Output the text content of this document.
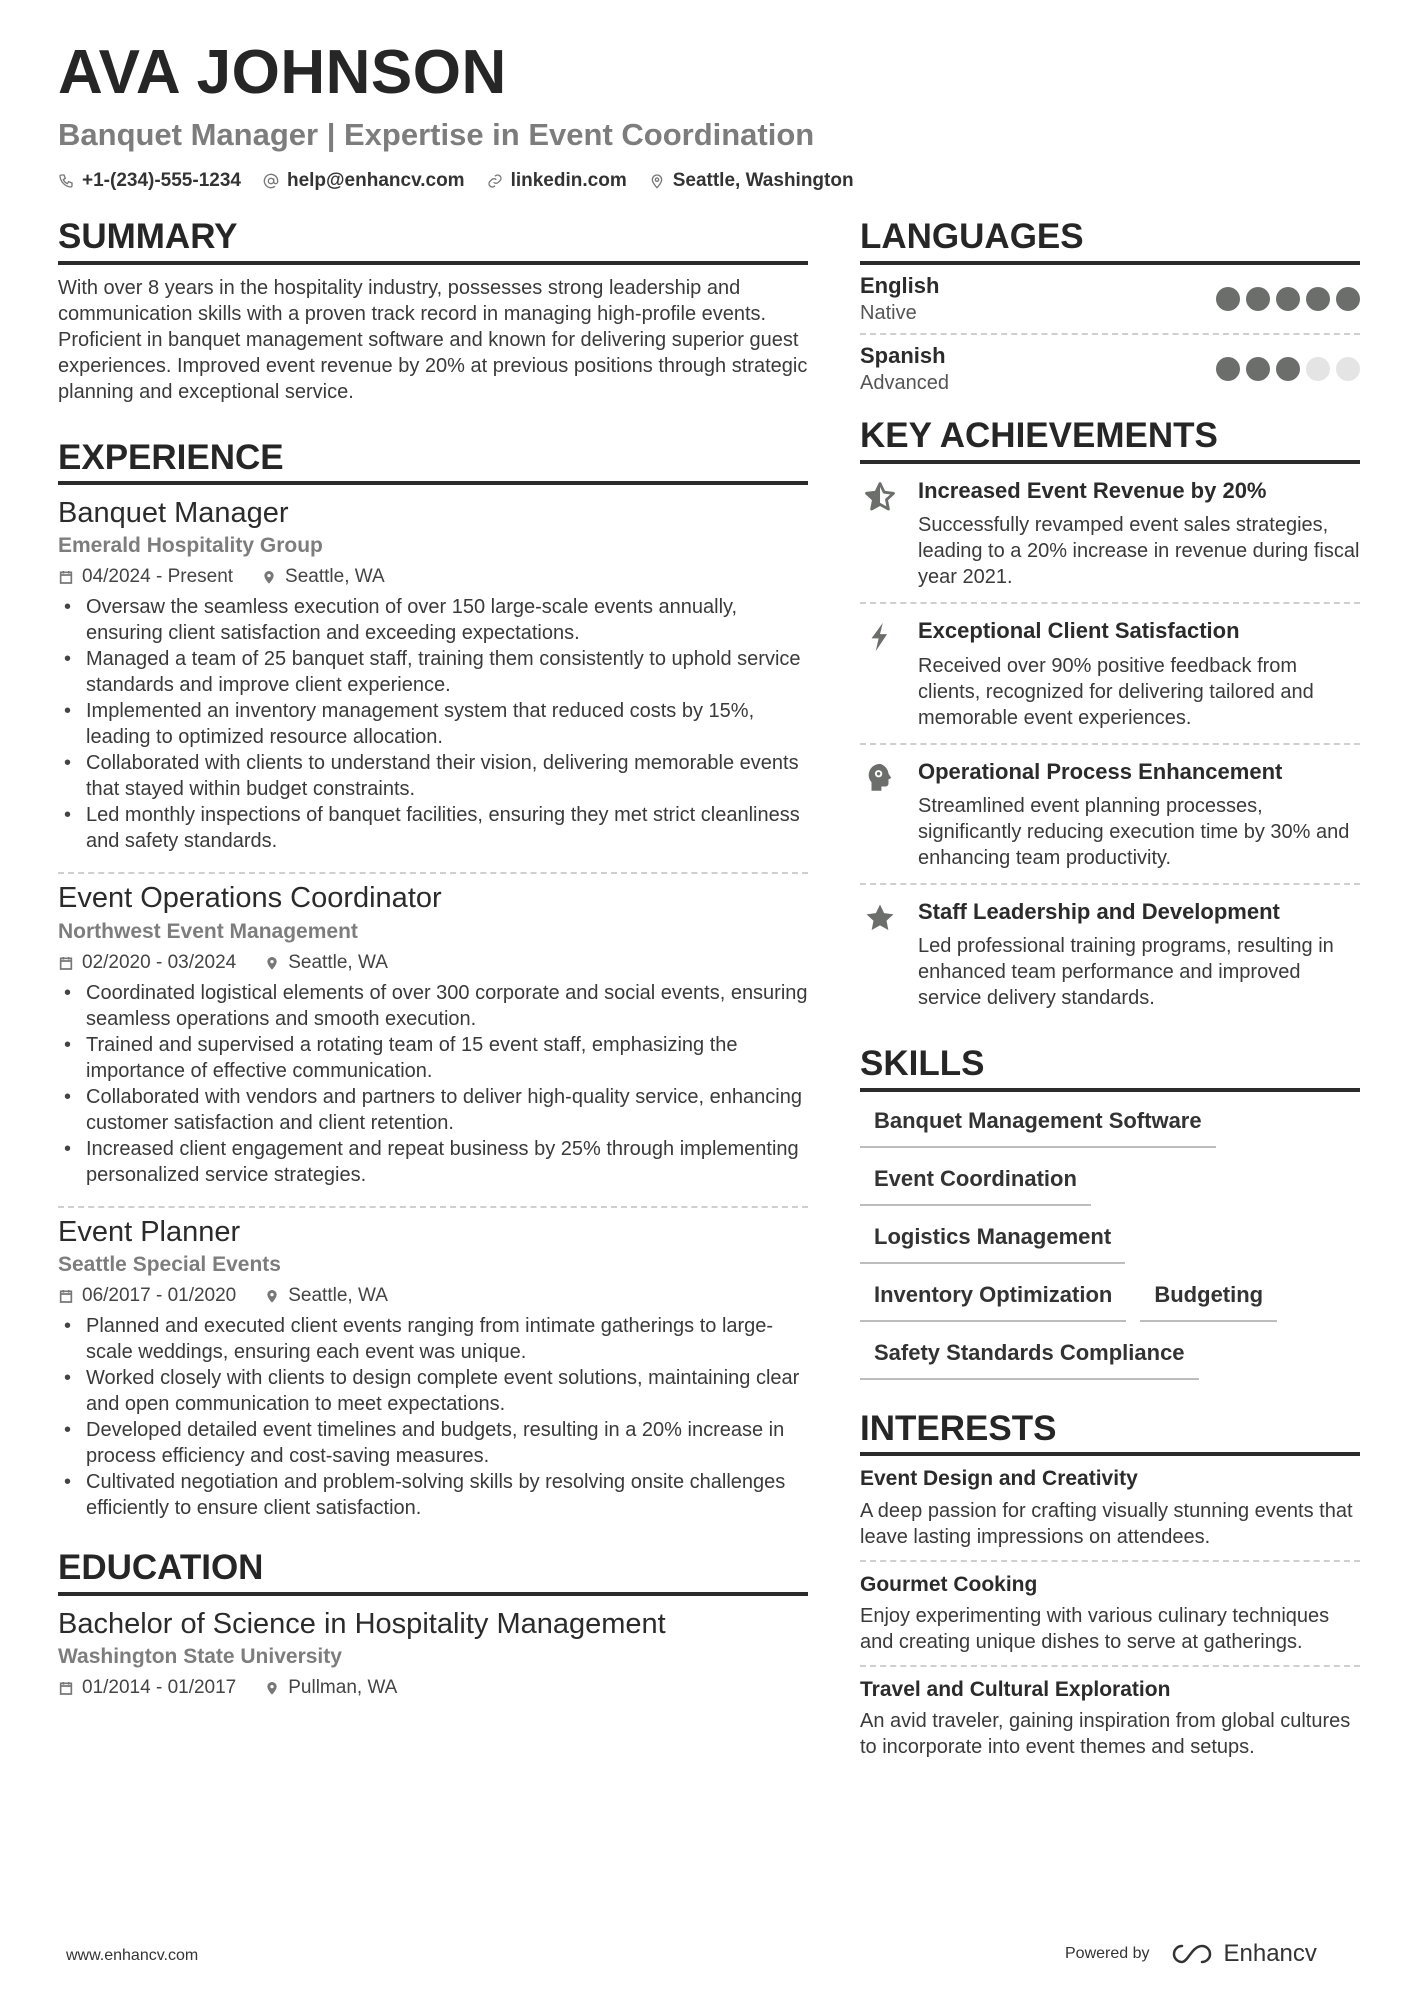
AVA JOHNSON
Banquet Manager | Expertise in Event Coordination
+1-(234)-555-1234 help@enhancv.com linkedin.com Seattle, Washington
SUMMARY

With over 8 years in the hospitality industry, possesses strong leadership and communication skills with a proven track record in managing high-profile events. Proficient in banquet management software and known for delivering superior guest experiences. Improved event revenue by 20% at previous positions through strategic planning and exceptional service.

EXPERIENCE
Banquet Manager
Emerald Hospitality Group
04/2024 - Present	Seattle, WA
• Oversaw the seamless execution of over 150 large-scale events annually, ensuring client satisfaction and exceeding expectations.
• Managed a team of 25 banquet staff, training them consistently to uphold service standards and improve client experience.
• Implemented an inventory management system that reduced costs by 15%, leading to optimized resource allocation.
• Collaborated with clients to understand their vision, delivering memorable events that stayed within budget constraints.
• Led monthly inspections of banquet facilities, ensuring they met strict cleanliness and safety standards.
Event Operations Coordinator
Northwest Event Management
02/2020 - 03/2024	Seattle, WA
• Coordinated logistical elements of over 300 corporate and social events, ensuring seamless operations and smooth execution.
• Trained and supervised a rotating team of 15 event staff, emphasizing the importance of effective communication.
• Collaborated with vendors and partners to deliver high-quality service, enhancing customer satisfaction and client retention.
• Increased client engagement and repeat business by 25% through implementing personalized service strategies.
Event Planner
Seattle Special Events
06/2017 - 01/2020	Seattle, WA
• Planned and executed client events ranging from intimate gatherings to large-scale weddings, ensuring each event was unique.
• Worked closely with clients to design complete event solutions, maintaining clear and open communication to meet expectations.
• Developed detailed event timelines and budgets, resulting in a 20% increase in process efficiency and cost-saving measures.
• Cultivated negotiation and problem-solving skills by resolving onsite challenges efficiently to ensure client satisfaction.
EDUCATION
Bachelor of Science in Hospitality Management
Washington State University
01/2014 - 01/2017	Pullman, WA
LANGUAGES
English
Native
Spanish
Advanced
KEY ACHIEVEMENTS
Increased Event Revenue by 20%
Successfully revamped event sales strategies, leading to a 20% increase in revenue during fiscal year 2021.
Exceptional Client Satisfaction
Received over 90% positive feedback from clients, recognized for delivering tailored and memorable event experiences.
Operational Process Enhancement
Streamlined event planning processes, significantly reducing execution time by 30% and enhancing team productivity.
Staff Leadership and Development
Led professional training programs, resulting in enhanced team performance and improved service delivery standards.
SKILLS
Banquet Management Software
Event Coordination
Logistics Management
Inventory Optimization	Budgeting
Safety Standards Compliance
INTERESTS
Event Design and Creativity
A deep passion for crafting visually stunning events that leave lasting impressions on attendees.
Gourmet Cooking
Enjoy experimenting with various culinary techniques and creating unique dishes to serve at gatherings.
Travel and Cultural Exploration
An avid traveler, gaining inspiration from global cultures to incorporate into event themes and setups.
www.enhancv.com	Powered by	Enhancv
